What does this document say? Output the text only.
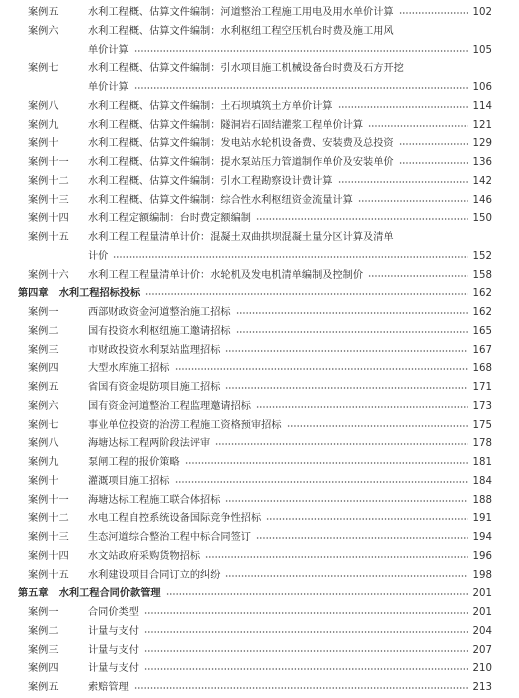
案例五	水利工程概、估算文件编制：河道整治工程施工用电及用水单价计算	102
案例六	水利工程概、估算文件编制：水利枢纽工程空压机台时费及施工用风
单价计算	105
案例七	水利工程概、估算文件编制：引水项目施工机械设备台时费及石方开挖
单价计算	106
案例八	水利工程概、估算文件编制：土石坝填筑土方单价计算	114
案例九	水利工程概、估算文件编制：隧洞岩石固结灌浆工程单价计算	121
案例十	水利工程概、估算文件编制：发电站水轮机设备费、安装费及总投资	129
案例十一 水利工程概、估算文件编制：提水泵站压力管道制作单价及安装单价	136
案例十二 水利工程概、估算文件编制：引水工程勘察设计费计算	142
案例十三 水利工程概、估算文件编制：综合性水利枢纽资金流量计算	146
案例十四 水利工程定额编制：台时费定额编制	150
案例十五 水利工程工程量清单计价：混凝土双曲拱坝混凝土量分区计算及清单
计价	152
案例十六 水利工程工程量清单计价：水轮机及发电机清单编制及控制价	158
第四章　水利工程招标投标	162
案例一	西部财政资金河道整治施工招标	162
案例二	国有投资水利枢纽施工邀请招标	165
案例三	市财政投资水利泵站监理招标	167
案例四	大型水库施工招标	168
案例五	省国有资金堤防项目施工招标	171
案例六	国有资金河道整治工程监理邀请招标	173
案例七	事业单位投资的治涝工程施工资格预审招标	175
案例八	海塘达标工程两阶段法评审	178
案例九	泵闸工程的报价策略	181
案例十	灌溉项目施工招标	184
案例十一 海塘达标工程施工联合体招标	188
案例十二 水电工程自控系统设备国际竞争性招标	191
案例十三 生态河道综合整治工程中标合同签订	194
案例十四 水文站政府采购货物招标	196
案例十五 水利建设项目合同订立的纠纷	198
第五章　水利工程合同价款管理	201
案例一	合同价类型	201
案例二	计量与支付	204
案例三	计量与支付	207
案例四	计量与支付	210
案例五	索赔管理	213
